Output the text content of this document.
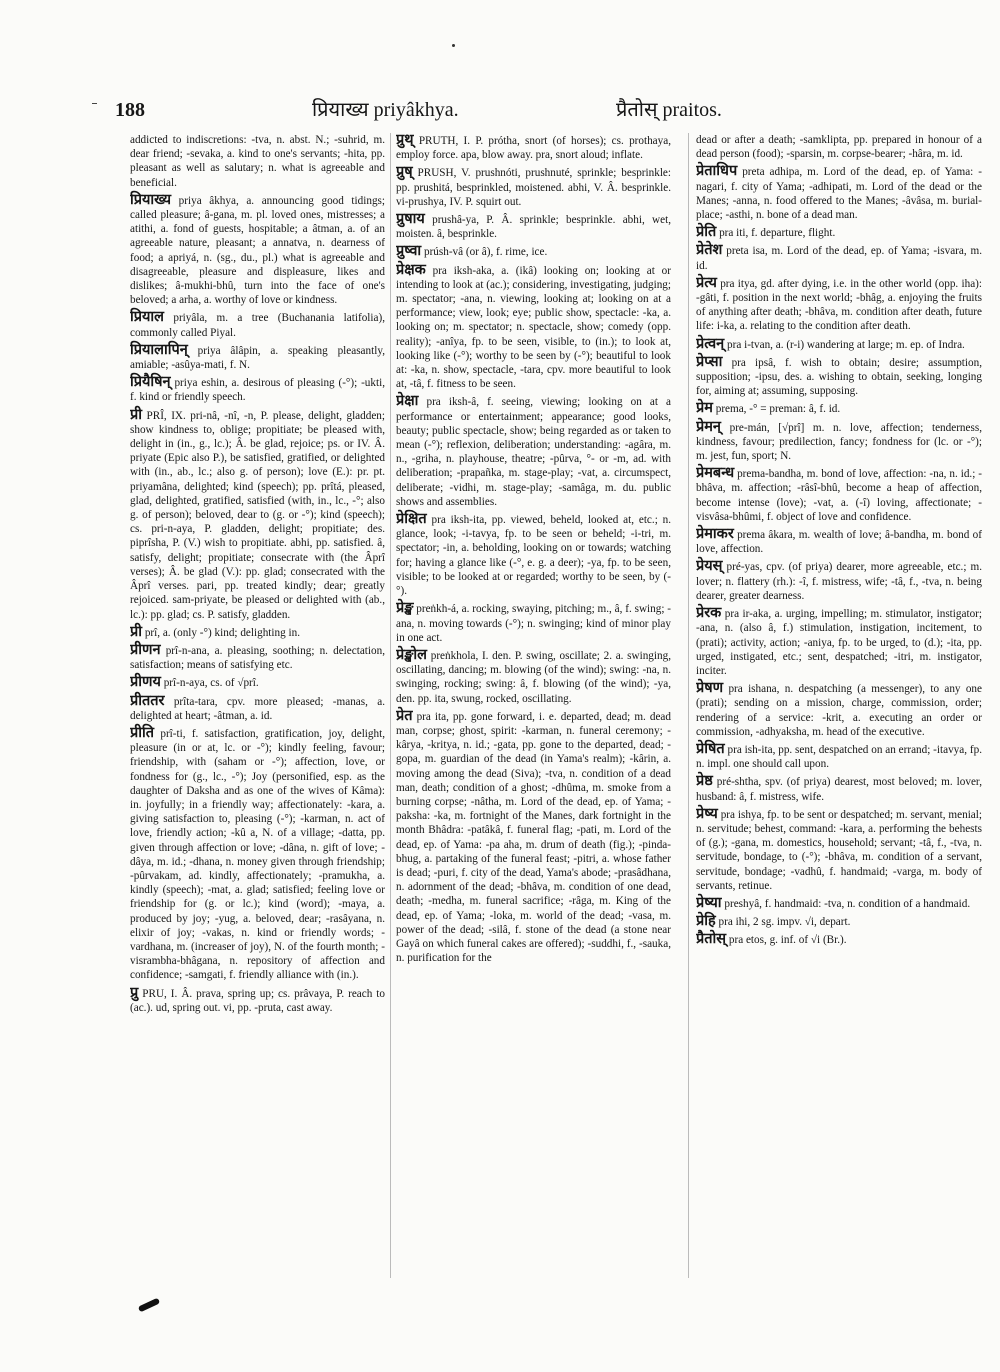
188	प्रियाख्य priyâkhya.	प्रैतोस् praitos.

addicted to indiscretions: -tva, n. abst. N.; -suhrid, m. dear friend; -sevaka, a. kind to one's servants; -hita, pp. pleasant as well as salutary; n. what is agreeable and beneficial.

प्रियाख्य priya âkhya, a. announcing good tidings; called pleasure; â-gana, m. pl. loved ones, mistresses; a atithi, a. fond of guests, hospitable; a âtman, a. of an agreeable nature, pleasant; a annatva, n. dearness of food; a apriyá, n. (sg., du., pl.) what is agreeable and disagreeable, pleasure and displeasure, likes and dislikes; â-mukhi-bhû, turn into the face of one's beloved; a arha, a. worthy of love or kindness.

प्रियाल priyâla, m. a tree (Buchanania latifolia), commonly called Piyal.

प्रियालापिन् priya âlâpin, a. speaking pleasantly, amiable; -asûya-mati, f. N.

प्रियैषिन् priya eshin, a. desirous of pleasing (-°); -ukti, f. kind or friendly speech.

प्री PRÎ, IX. pri-nâ, -nî, -n, P. please, delight, gladden; show kindness to, oblige; propitiate; be pleased with, delight in (in., g., lc.); Â. be glad, rejoice; ps. or IV. Â. priyate (Epic also P.), be satisfied, gratified, or delighted with (in., ab., lc.; also g. of person); love (E.): pr. pt. priyamâna, delighted; kind (speech); pp. prîtá, pleased, glad, delighted, gratified, satisfied (with, in., lc., -°; also g. of person); beloved, dear to (g. or -°); kind (speech); cs. pri-n-aya, P. gladden, delight; propitiate; des. piprîsha, P. (V.) wish to propitiate. abhi, pp. satisfied. â, satisfy, delight; propitiate; consecrate with (the Âprî verses); Â. be glad (V.): pp. glad; consecrated with the Âprî verses. pari, pp. treated kindly; dear; greatly rejoiced. sam-priyate, be pleased or delighted with (ab., lc.): pp. glad; cs. P. satisfy, gladden.

प्री prî, a. (only -°) kind; delighting in.

प्रीणन prî-n-ana, a. pleasing, soothing; n. delectation, satisfaction; means of satisfying etc.

प्रीणय prî-n-aya, cs. of √prî.

प्रीततर prîta-tara, cpv. more pleased; -manas, a. delighted at heart; -âtman, a. id.

प्रीति prî-ti, f. satisfaction, gratification, joy, delight, pleasure (in or at, lc. or -°); kindly feeling, favour; friendship, with (saham or -°); affection, love, or fondness for (g., lc., -°); Joy (personified, esp. as the daughter of Daksha and as one of the wives of Kâma): in. joyfully; in a friendly way; affectionately: -kara, a. giving satisfaction to, pleasing (-°); -karman, n. act of love, friendly action; -kû a, N. of a village; -datta, pp. given through affection or love; -dâna, n. gift of love; -dâya, m. id.; -dhana, n. money given through friendship; -pûrvakam, ad. kindly, affectionately; -pramukha, a. kindly (speech); -mat, a. glad; satisfied; feeling love or friendship for (g. or lc.); kind (word); -maya, a. produced by joy; -yug, a. beloved, dear; -rasâyana, n. elixir of joy; -vakas, n. kind or friendly words; -vardhana, m. (increaser of joy), N. of the fourth month; -visrambha-bhâgana, n. repository of affection and confidence; -samgati, f. friendly alliance with (in.).

प्रु PRU, I. Â. prava, spring up; cs. prâvaya, P. reach to (ac.). ud, spring out. vi, pp. -pruta, cast away.

प्रुथ् PRUTH, I. P. prótha, snort (of horses); cs. prothaya, employ force. apa, blow away. pra, snort aloud; inflate.

प्रुष् PRUSH, V. prushnóti, prushnuté, sprinkle; besprinkle: pp. prushitá, besprinkled, moistened. abhi, V. Â. besprinkle. vi-prushya, IV. P. squirt out.

प्रुषाय prushâ-ya, P. Â. sprinkle; besprinkle. abhi, wet, moisten. â, besprinkle.

प्रुष्वा prúsh-vâ (or â), f. rime, ice.

प्रेक्षक pra iksh-aka, a. (ikâ) looking on; looking at or intending to look at (ac.); considering, investigating, judging; m. spectator; -ana, n. viewing, looking at; looking on at a performance; view, look; eye; public show, spectacle: -ka, a. looking on; m. spectator; n. spectacle, show; comedy (opp. reality); -anîya, fp. to be seen, visible, to (in.); to look at, looking like (-°); worthy to be seen by (-°); beautiful to look at: -ka, n. show, spectacle, -tara, cpv. more beautiful to look at, -tâ, f. fitness to be seen.

प्रेक्षा pra iksh-â, f. seeing, viewing; looking on at a performance or entertainment; appearance; good looks, beauty; public spectacle, show; being regarded as or taken to mean (-°); reflexion, deliberation; understanding: -agâra, m. n., -griha, n. playhouse, theatre; -pûrva, °- or -m, ad. with deliberation; -prapañka, m. stage-play; -vat, a. circumspect, deliberate; -vidhi, m. stage-play; -samâga, m. du. public shows and assemblies.

प्रेक्षित pra iksh-ita, pp. viewed, beheld, looked at, etc.; n. glance, look; -i-tavya, fp. to be seen or beheld; -i-tri, m. spectator; -in, a. beholding, looking on or towards; watching for; having a glance like (-°, e. g. a deer); -ya, fp. to be seen, visible; to be looked at or regarded; worthy to be seen, by (-°).

प्रेङ्ख preṅkh-á, a. rocking, swaying, pitching; m., â, f. swing; -ana, n. moving towards (-°); n. swinging; kind of minor play in one act.

प्रेङ्खोल preṅkhola, I. den. P. swing, oscillate; 2. a. swinging, oscillating, dancing; m. blowing (of the wind); swing: -na, n. swinging, rocking; swing: â, f. blowing (of the wind); -ya, den. pp. ita, swung, rocked, oscillating.

प्रेत pra ita, pp. gone forward, i. e. departed, dead; m. dead man, corpse; ghost, spirit: -karman, n. funeral ceremony; -kârya, -kritya, n. id.; -gata, pp. gone to the departed, dead; -gopa, m. guardian of the dead (in Yama's realm); -kârin, a. moving among the dead (Siva); -tva, n. condition of a dead man, death; condition of a ghost; -dhûma, m. smoke from a burning corpse; -nâtha, m. Lord of the dead, ep. of Yama; -paksha: -ka, m. fortnight of the Manes, dark fortnight in the month Bhâdra: -patâkâ, f. funeral flag; -pati, m. Lord of the dead, ep. of Yama: -pa aha, m. drum of death (fig.); -pinda-bhug, a. partaking of the funeral feast; -pitri, a. whose father is dead; -puri, f. city of the dead, Yama's abode; -prasâdhana, n. adornment of the dead; -bhâva, m. condition of one dead, death; -medha, m. funeral sacrifice; -râga, m. King of the dead, ep. of Yama; -loka, m. world of the dead; -vasa, m. power of the dead; -silâ, f. stone of the dead (a stone near Gayâ on which funeral cakes are offered); -suddhi, f., -sauka, n. purification for the

dead or after a death; -samklipta, pp. prepared in honour of a dead person (food); -sparsin, m. corpse-bearer; -hâra, m. id.

प्रेताधिप preta adhipa, m. Lord of the dead, ep. of Yama: -nagari, f. city of Yama; -adhipati, m. Lord of the dead or the Manes; -anna, n. food offered to the Manes; -âvâsa, m. burial-place; -asthi, n. bone of a dead man.

प्रेति pra iti, f. departure, flight.

प्रेतेश preta isa, m. Lord of the dead, ep. of Yama; -isvara, m. id.

प्रेत्य pra itya, gd. after dying, i.e. in the other world (opp. iha): -gâti, f. position in the next world; -bhâg, a. enjoying the fruits of anything after death; -bhâva, m. condition after death, future life: i-ka, a. relating to the condition after death.

प्रेत्वन् pra i-tvan, a. (r-i) wandering at large; m. ep. of Indra.

प्रेप्सा pra ipsâ, f. wish to obtain; desire; assumption, supposition; -ipsu, des. a. wishing to obtain, seeking, longing for, aiming at; assuming, supposing.

प्रेम prema, -° = preman: â, f. id.

प्रेमन् pre-mán, [√prî] m. n. love, affection; tenderness, kindness, favour; predilection, fancy; fondness for (lc. or -°); m. jest, fun, sport; N.

प्रेमबन्ध prema-bandha, m. bond of love, affection: -na, n. id.; -bhâva, m. affection; -râsî-bhû, become a heap of affection, become intense (love); -vat, a. (-î) loving, affectionate; -visvâsa-bhûmi, f. object of love and confidence.

प्रेमाकर prema âkara, m. wealth of love; â-bandha, m. bond of love, affection.

प्रेयस् pré-yas, cpv. (of priya) dearer, more agreeable, etc.; m. lover; n. flattery (rh.): -î, f. mistress, wife; -tâ, f., -tva, n. being dearer, greater dearness.

प्रेरक pra ir-aka, a. urging, impelling; m. stimulator, instigator; -ana, n. (also â, f.) stimulation, instigation, incitement, to (prati); activity, action; -aniya, fp. to be urged, to (d.); -ita, pp. urged, instigated, etc.; sent, despatched; -itri, m. instigator, inciter.

प्रेषण pra ishana, n. despatching (a messenger), to any one (prati); sending on a mission, charge, commission, order; rendering of a service: -krit, a. executing an order or commission, -adhyaksha, m. head of the executive.

प्रेषित pra ish-ita, pp. sent, despatched on an errand; -itavya, fp. n. impl. one should call upon.

प्रेष्ठ pré-shtha, spv. (of priya) dearest, most beloved; m. lover, husband: â, f. mistress, wife.

प्रेष्य pra ishya, fp. to be sent or despatched; m. servant, menial; n. servitude; behest, command: -kara, a. performing the behests of (g.); -gana, m. domestics, household; servant; -tâ, f., -tva, n. servitude, bondage, to (-°); -bhâva, m. condition of a servant, servitude, bondage; -vadhû, f. handmaid; -varga, m. body of servants, retinue.

प्रेष्या preshyâ, f. handmaid: -tva, n. condition of a handmaid.

प्रेहि pra ihi, 2 sg. impv. √i, depart.

प्रैतोस् pra etos, g. inf. of √i (Br.).
